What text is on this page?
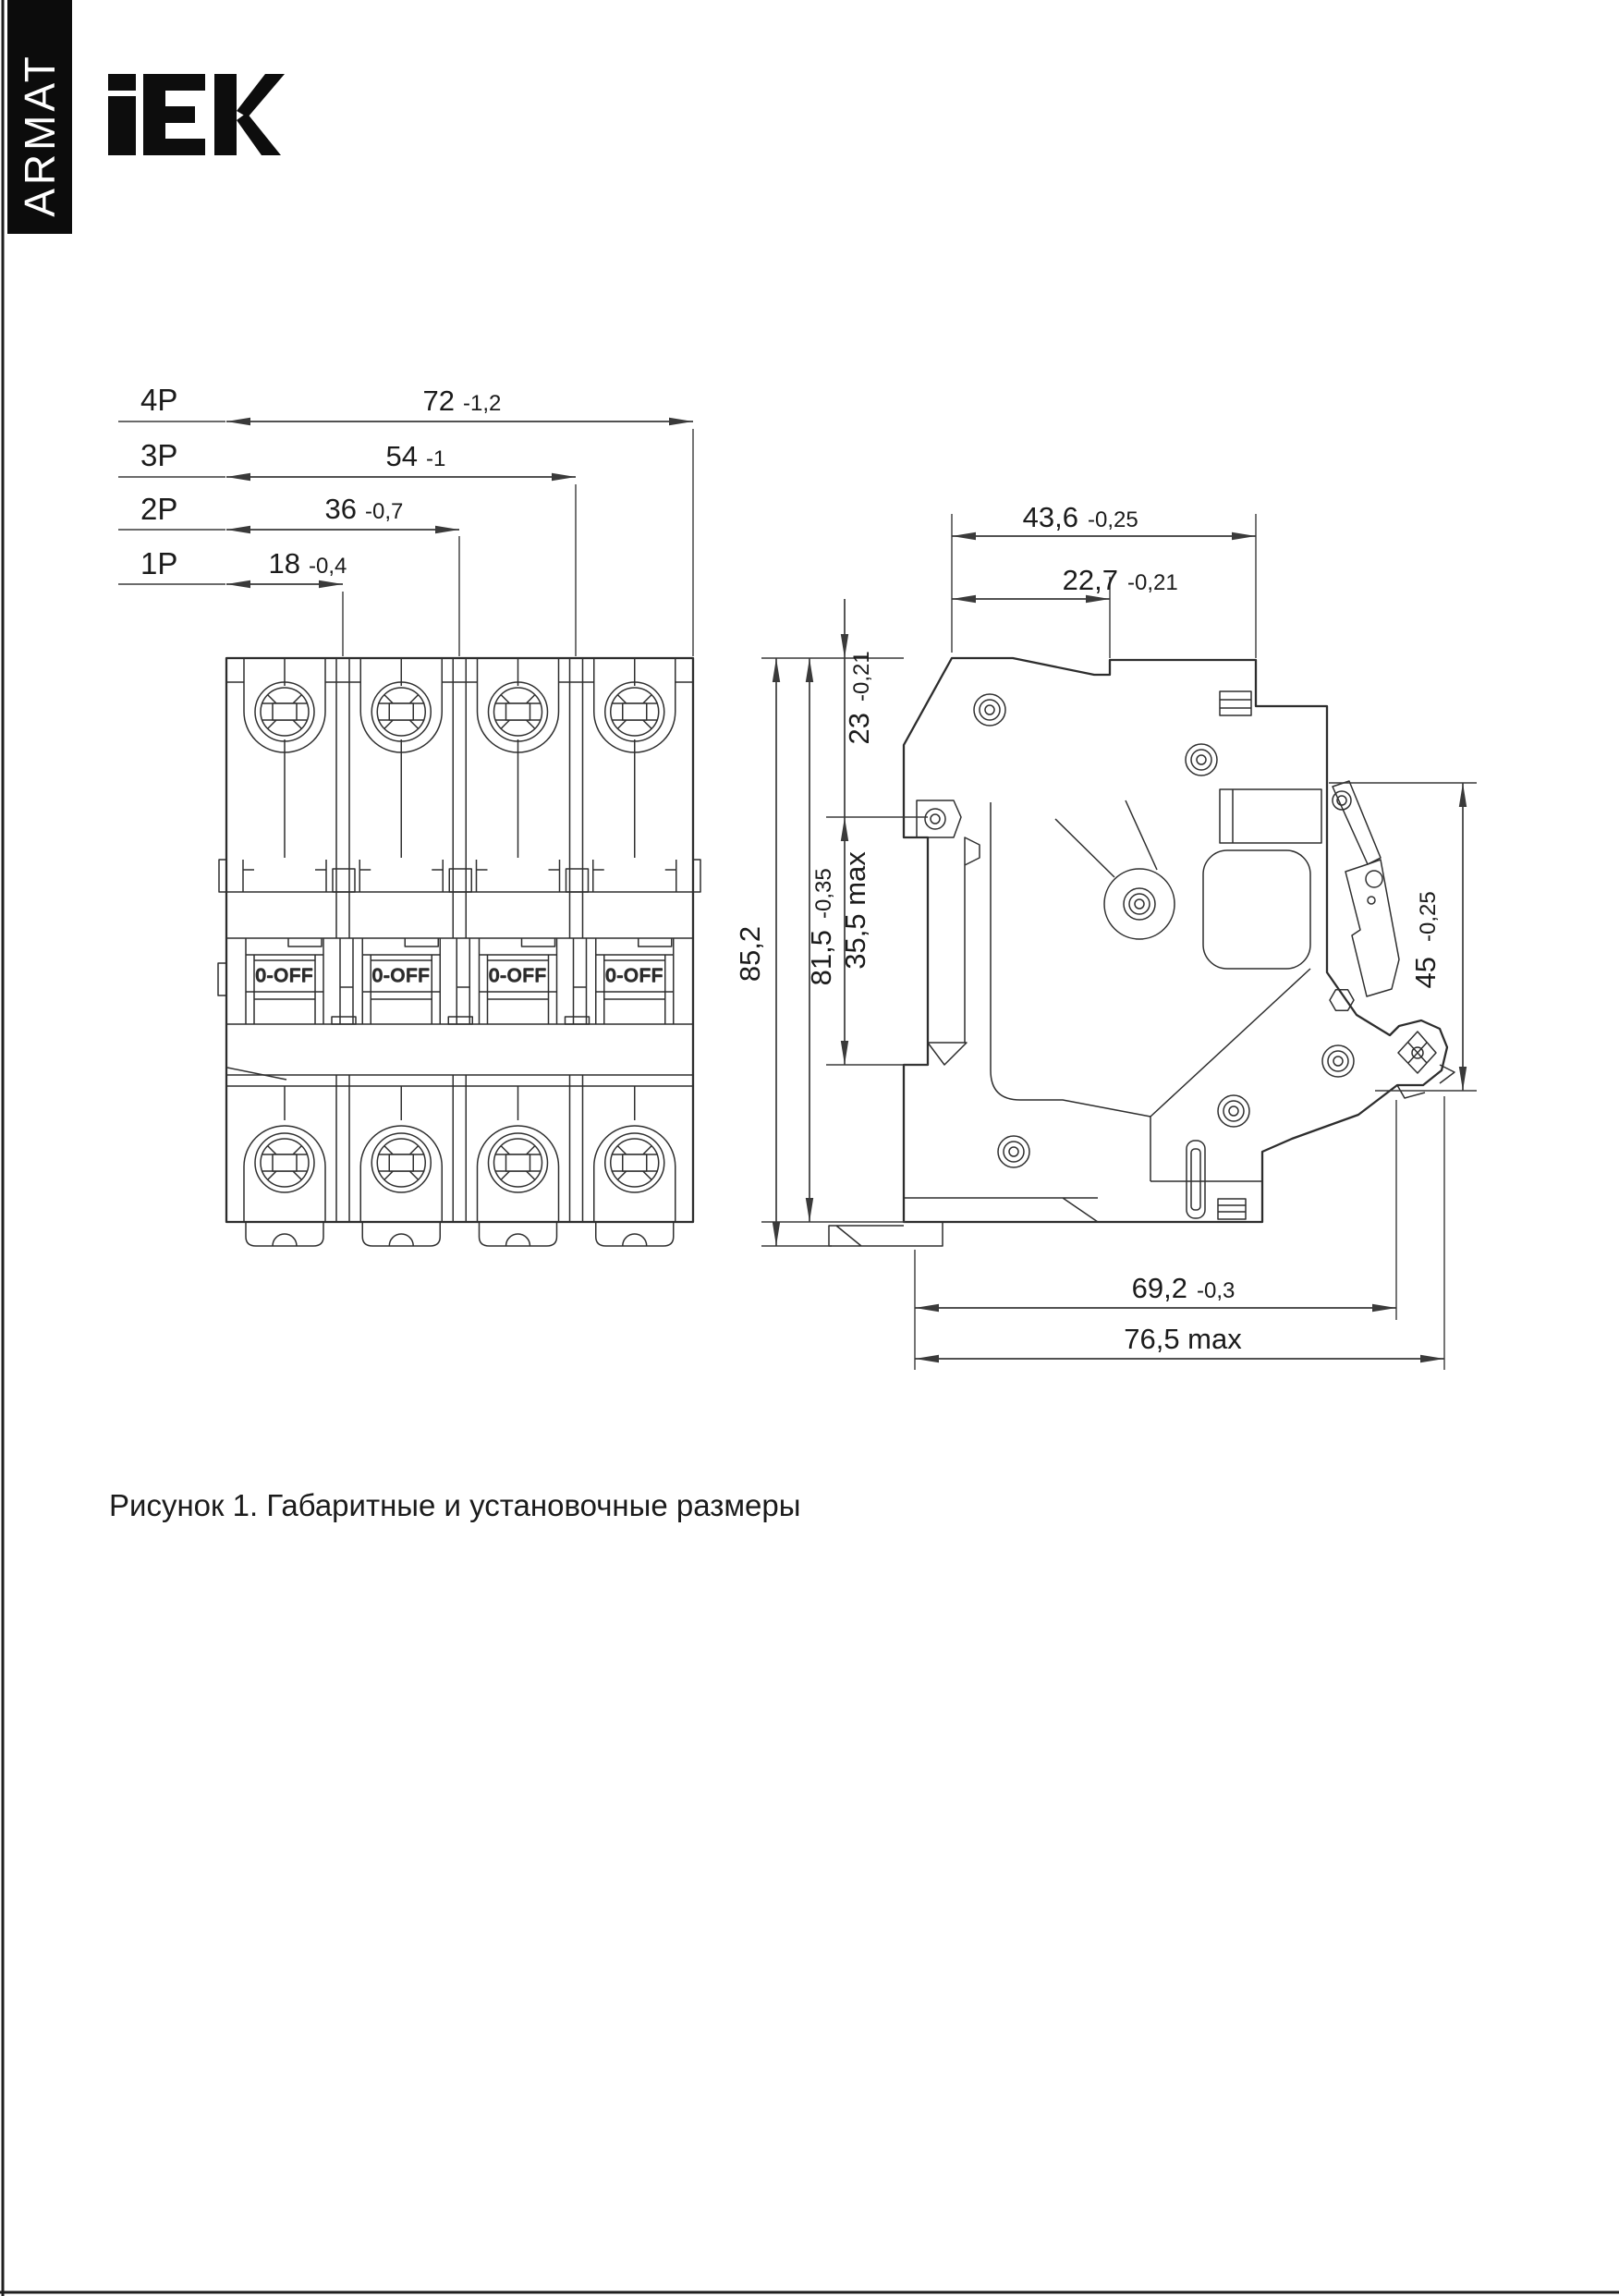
ARMAT
0-OFF	0-OFF	0-OFF	0-OFF
4P
3P
2P
1P
72 -1,2
54 -1
36 -0,7
18 -0,4
43,6 -0,25
22,7 -0,21
23
-0,21
35,5 max
81,5
-0,35
85,2	45
-0,25
69,2 -0,3
76,5 max
Рисунок 1. Габаритные и установочные размеры
